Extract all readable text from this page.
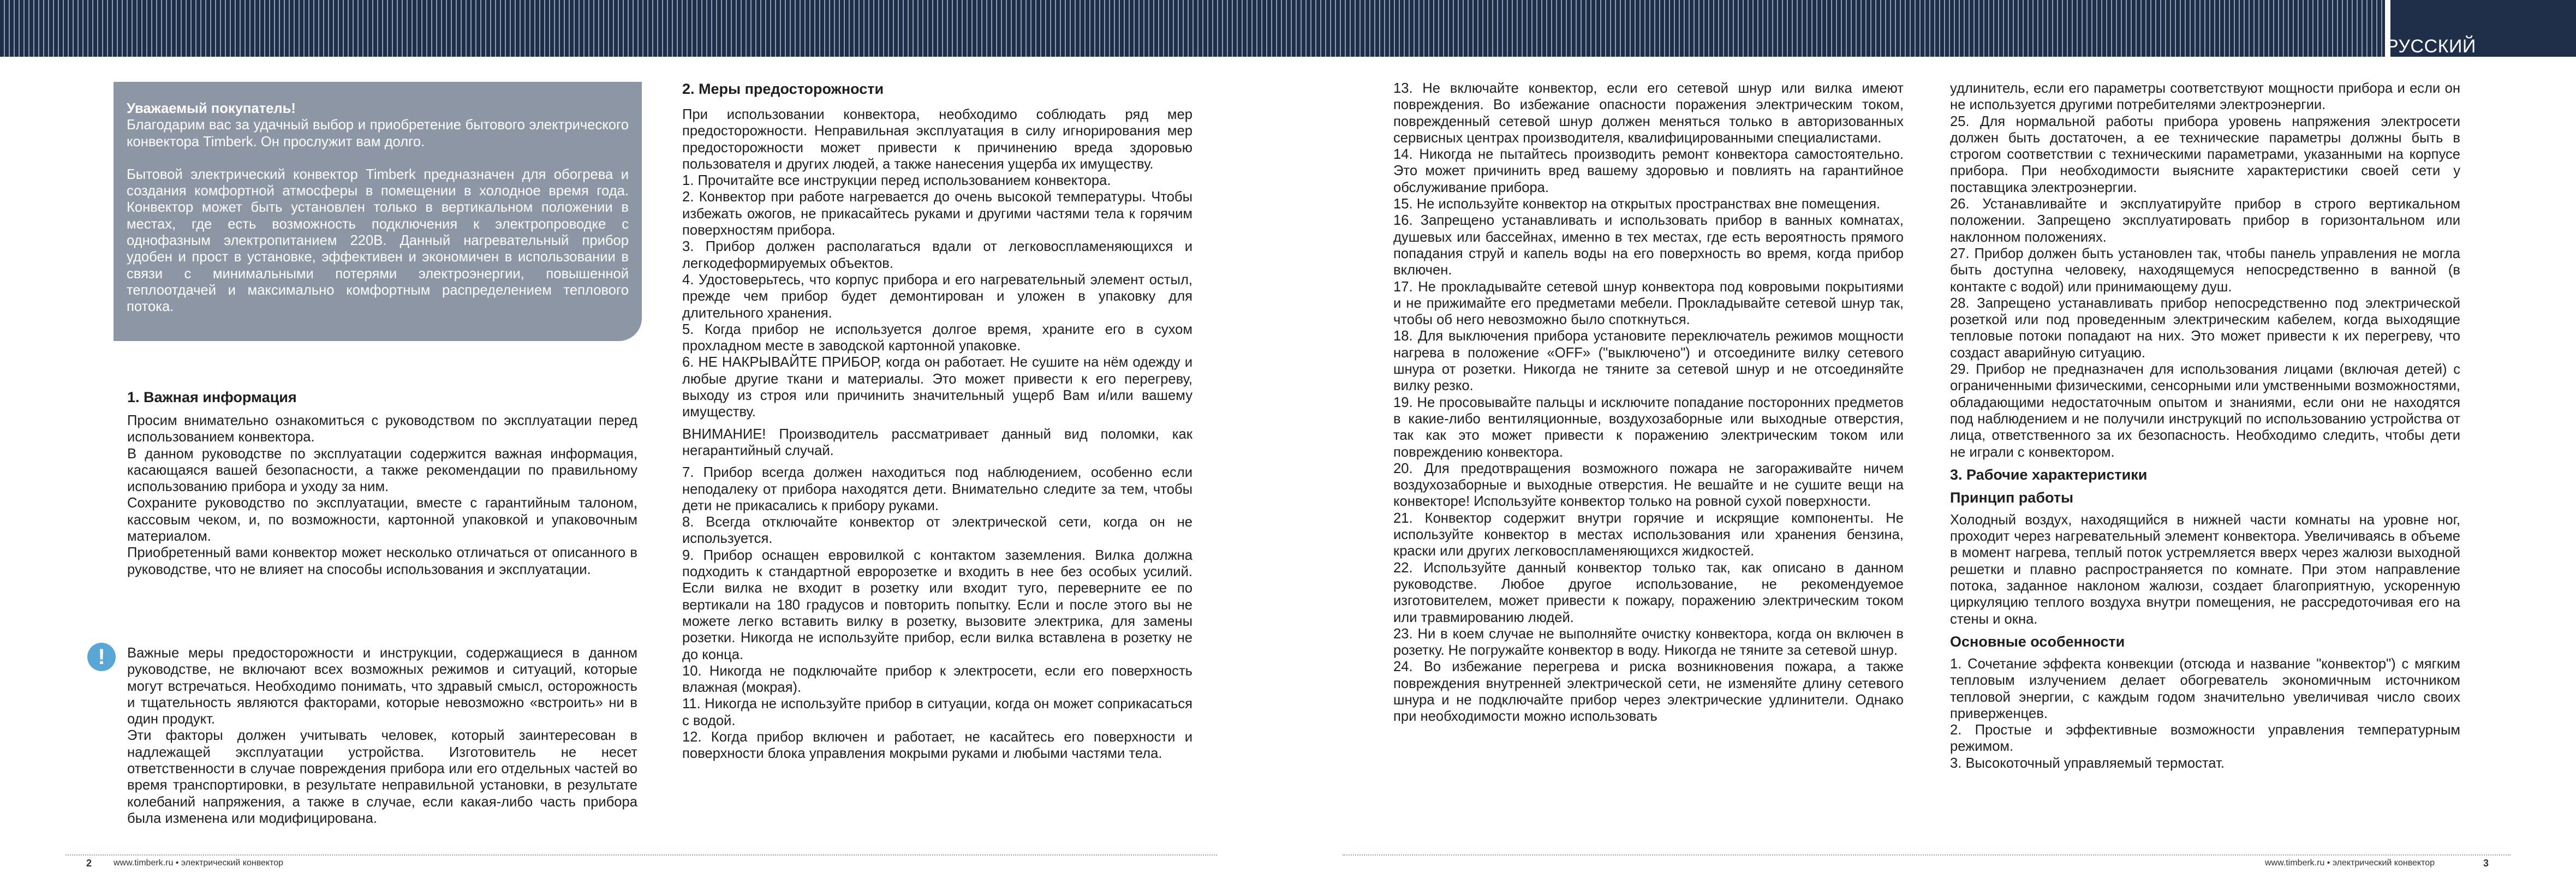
РУССКИЙ

Уважаемый покупатель!

Благодарим вас за удачный выбор и приобретение бытового электрического конвектора Timberk. Он прослужит вам долго.

Бытовой электрический конвектор Timberk предназначен для обогрева и создания комфортной атмосферы в помещении в холодное время года. Конвектор может быть установлен только в вертикальном положении в местах, где есть возможность подключения к электропроводке с однофазным электропитанием 220В. Данный нагревательный прибор удобен и прост в установке, эффективен и экономичен в использовании в связи с минимальными потерями электроэнергии, повышенной теплоотдачей и максимально комфортным распределением теплового потока.

1. Важная информация

Просим внимательно ознакомиться с руководством по эксплуатации перед использованием конвектора.

В данном руководстве по эксплуатации содержится важная информация, касающаяся вашей безопасности, а также рекомендации по правильному использованию прибора и уходу за ним.

Сохраните руководство по эксплуатации, вместе с гарантийным талоном, кассовым чеком, и, по возможности, картонной упаковкой и упаковочным материалом.

Приобретенный вами конвектор может несколько отличаться от описанного в руководстве, что не влияет на способы использования и эксплуатации.

!	Важные меры предосторожности и инструкции, содержащиеся в данном руководстве, не включают всех возможных режимов и ситуаций, которые могут встречаться. Необходимо понимать, что здравый смысл, осторожность и тщательность являются факторами, которые невозможно «встроить» ни в один продукт.

Эти факторы должен учитывать человек, который заинтересован в надлежащей эксплуатации устройства. Изготовитель не несет ответственности в случае повреждения прибора или его отдельных частей во время транспортировки, в результате неправильной установки, в результате колебаний напряжения, а также в случае, если какая-либо часть прибора была изменена или модифицирована.

2. Меры предосторожности

При использовании конвектора, необходимо соблюдать ряд мер предосторожности. Неправильная эксплуатация в силу игнорирования мер предосторожности может привести к причинению вреда здоровью пользователя и других людей, а также нанесения ущерба их имуществу.

1. Прочитайте все инструкции перед использованием конвектора.

2. Конвектор при работе нагревается до очень высокой температуры. Чтобы избежать ожогов, не прикасайтесь руками и другими частями тела к горячим поверхностям прибора.

3. Прибор должен располагаться вдали от легковоспламеняющихся и легкодеформируемых объектов.

4. Удостоверьтесь, что корпус прибора и его нагревательный элемент остыл, прежде чем прибор будет демонтирован и уложен в упаковку для длительного хранения.

5. Когда прибор не используется долгое время, храните его в сухом прохладном месте в заводской картонной упаковке.

6. НЕ НАКРЫВАЙТЕ ПРИБОР, когда он работает. Не сушите на нём одежду и любые другие ткани и материалы. Это может привести к его перегреву, выходу из строя или причинить значительный ущерб Вам и/или вашему имуществу.

ВНИМАНИЕ! Производитель рассматривает данный вид поломки, как негарантийный случай.

7. Прибор всегда должен находиться под наблюдением, особенно если неподалеку от прибора находятся дети. Внимательно следите за тем, чтобы дети не прикасались к прибору руками.

8. Всегда отключайте конвектор от электрической сети, когда он не используется.

9. Прибор оснащен евровилкой с контактом заземления. Вилка должна подходить к стандартной евророзетке и входить в нее без особых усилий. Если вилка не входит в розетку или входит туго, переверните ее по вертикали на 180 градусов и повторить попытку. Если и после этого вы не можете легко вставить вилку в розетку, вызовите электрика, для замены розетки. Никогда не используйте прибор, если вилка вставлена в розетку не до конца.

10. Никогда не подключайте прибор к электросети, если его поверхность влажная (мокрая).

11. Никогда не используйте прибор в ситуации, когда он может соприкасаться с водой.

12. Когда прибор включен и работает, не касайтесь его поверхности и поверхности блока управления мокрыми руками и любыми частями тела.

13. Не включайте конвектор, если его сетевой шнур или вилка имеют повреждения. Во избежание опасности поражения электрическим током, поврежденный сетевой шнур должен меняться только в авторизованных сервисных центрах производителя, квалифицированными специалистами.

14. Никогда не пытайтесь производить ремонт конвектора самостоятельно. Это может причинить вред вашему здоровью и повлиять на гарантийное обслуживание прибора.

15. Не используйте конвектор на открытых пространствах вне помещения.

16. Запрещено устанавливать и использовать прибор в ванных комнатах, душевых или бассейнах, именно в тех местах, где есть вероятность прямого попадания струй и капель воды на его поверхность во время, когда прибор включен.

17. Не прокладывайте сетевой шнур конвектора под ковровыми покрытиями и не прижимайте его предметами мебели. Прокладывайте сетевой шнур так, чтобы об него невозможно было споткнуться.

18. Для выключения прибора установите переключатель режимов мощности нагрева в положение «OFF» ("выключено") и отсоедините вилку сетевого шнура от розетки. Никогда не тяните за сетевой шнур и не отсоединяйте вилку резко.

19. Не просовывайте пальцы и исключите попадание посторонних предметов в какие-либо вентиляционные, воздухозаборные или выходные отверстия, так как это может привести к поражению электрическим током или повреждению конвектора.

20. Для предотвращения возможного пожара не загораживайте ничем воздухозаборные и выходные отверстия. Не вешайте и не сушите вещи на конвекторе! Используйте конвектор только на ровной сухой поверхности.

21. Конвектор содержит внутри горячие и искрящие компоненты. Не используйте конвектор в местах использования или хранения бензина, краски или других легковоспламеняющихся жидкостей.

22. Используйте данный конвектор только так, как описано в данном руководстве. Любое другое использование, не рекомендуемое изготовителем, может привести к пожару, поражению электрическим током или травмированию людей.

23. Ни в коем случае не выполняйте очистку конвектора, когда он включен в розетку. Не погружайте конвектор в воду. Никогда не тяните за сетевой шнур.

24. Во избежание перегрева и риска возникновения пожара, а также повреждения внутренней электрической сети, не изменяйте длину сетевого шнура и не подключайте прибор через электрические удлинители. Однако при необходимости можно использовать

удлинитель, если его параметры соответствуют мощности прибора и если он не используется другими потребителями электроэнергии.

25. Для нормальной работы прибора уровень напряжения электросети должен быть достаточен, а ее технические параметры должны быть в строгом соответствии с техническими параметрами, указанными на корпусе прибора. При необходимости выясните характеристики своей сети у поставщика электроэнергии.

26. Устанавливайте и эксплуатируйте прибор в строго вертикальном положении. Запрещено эксплуатировать прибор в горизонтальном или наклонном положениях.

27. Прибор должен быть установлен так, чтобы панель управления не могла быть доступна человеку, находящемуся непосредственно в ванной (в контакте с водой) или принимающему душ.

28. Запрещено устанавливать прибор непосредственно под электрической розеткой или под проведенным электрическим кабелем, когда выходящие тепловые потоки попадают на них. Это может привести к их перегреву, что создаст аварийную ситуацию.

29. Прибор не предназначен для использования лицами (включая детей) с ограниченными физическими, сенсорными или умственными возможностями, обладающими недостаточным опытом и знаниями, если они не находятся под наблюдением и не получили инструкций по использованию устройства от лица, ответственного за их безопасность. Необходимо следить, чтобы дети не играли с конвектором.

3. Рабочие характеристики
Принцип работы

Холодный воздух, находящийся в нижней части комнаты на уровне ног, проходит через нагревательный элемент конвектора. Увеличиваясь в объеме в момент нагрева, теплый поток устремляется вверх через жалюзи выходной решетки и плавно распространяется по комнате. При этом направление потока, заданное наклоном жалюзи, создает благоприятную, ускоренную циркуляцию теплого воздуха внутри помещения, не рассредоточивая его на стены и окна.

Основные особенности

1. Сочетание эффекта конвекции (отсюда и название "конвектор") с мягким тепловым излучением делает обогреватель экономичным источником тепловой энергии, с каждым годом значительно увеличивая число своих приверженцев.

2. Простые и эффективные возможности управления температурным режимом.

3. Высокоточный управляемый термостат.

2 www.timberk.ru • электрический конвектор	www.timberk.ru • электрический конвектор	3
